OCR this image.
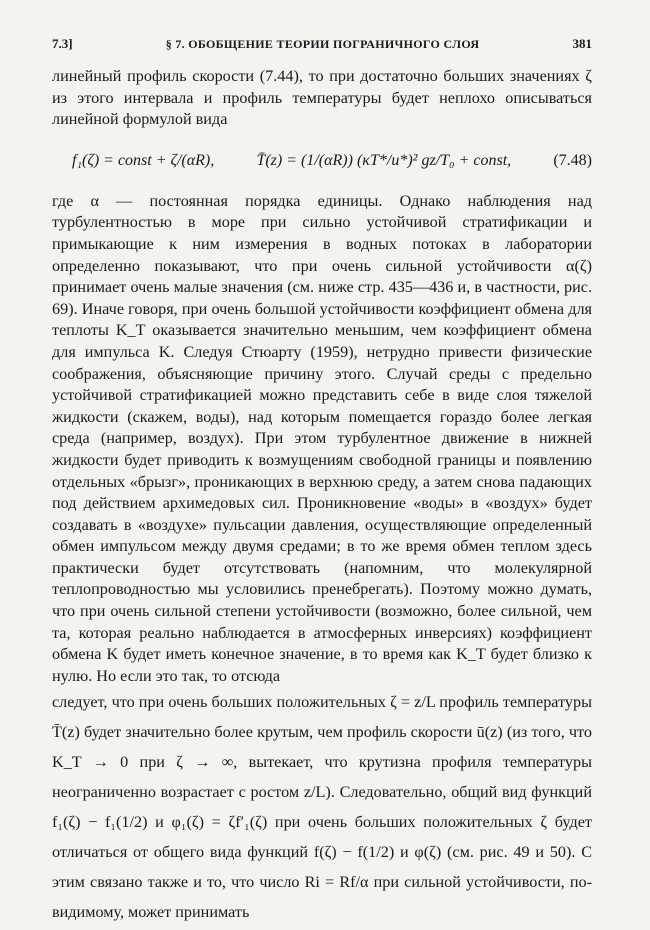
7.3]	§ 7. ОБОБЩЕНИЕ ТЕОРИИ ПОГРАНИЧНОГО СЛОЯ	381

линейный профиль скорости (7.44), то при достаточно больших значениях ζ из этого интервала и профиль температуры будет неплохо описываться линейной формулой вида

f₁(ζ) = const + ζ/(αR),	T̄(z) = (1/(αR)) (κT*/u*)² gz/T₀ + const,	(7.48)

где α — постоянная порядка единицы. Однако наблюдения над турбулентностью в море при сильно устойчивой стратификации и примыкающие к ним измерения в водных потоках в лаборатории определенно показывают, что при очень сильной устойчивости α(ζ) принимает очень малые значения (см. ниже стр. 435—436 и, в частности, рис. 69). Иначе говоря, при очень большой устойчивости коэффициент обмена для теплоты K_T оказывается значительно меньшим, чем коэффициент обмена для импульса K. Следуя Стюарту (1959), нетрудно привести физические соображения, объясняющие причину этого. Случай среды с предельно устойчивой стратификацией можно представить себе в виде слоя тяжелой жидкости (скажем, воды), над которым помещается гораздо более легкая среда (например, воздух). При этом турбулентное движение в нижней жидкости будет приводить к возмущениям свободной границы и появлению отдельных «брызг», проникающих в верхнюю среду, а затем снова падающих под действием архимедовых сил. Проникновение «воды» в «воздух» будет создавать в «воздухе» пульсации давления, осуществляющие определенный обмен импульсом между двумя средами; в то же время обмен теплом здесь практически будет отсутствовать (напомним, что молекулярной теплопроводностью мы условились пренебрегать). Поэтому можно думать, что при очень сильной степени устойчивости (возможно, более сильной, чем та, которая реально наблюдается в атмосферных инверсиях) коэффициент обмена K будет иметь конечное значение, в то время как K_T будет близко к нулю. Но если это так, то отсюда

следует, что при очень больших положительных ζ = z/L профиль температуры T̄(z) будет значительно более крутым, чем профиль скорости ū(z) (из того, что K_T → 0 при ζ → ∞, вытекает, что крутизна профиля температуры неограниченно возрастает с ростом z/L). Следовательно, общий вид функций f₁(ζ) − f₁(1/2) и φ₁(ζ) = ζf′₁(ζ) при очень больших положительных ζ будет отличаться от общего вида функций f(ζ) − f(1/2) и φ(ζ) (см. рис. 49 и 50). С этим связано также и то, что число Ri = Rf/α при сильной устойчивости, по-видимому, может принимать
